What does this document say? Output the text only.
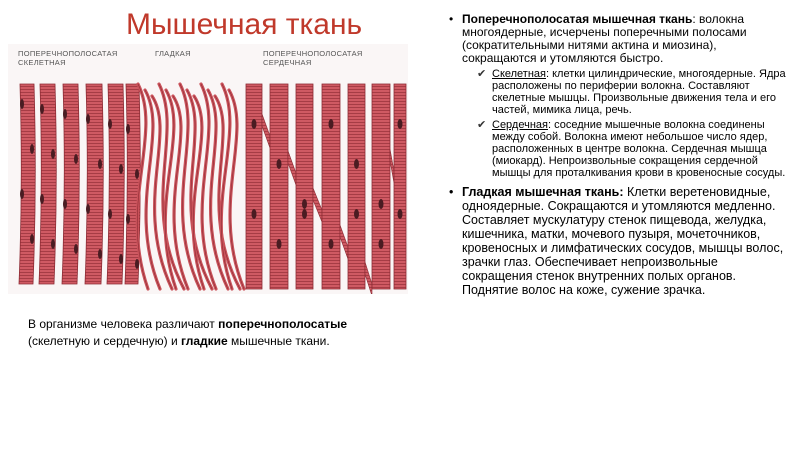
Мышечная ткань
ПОПЕРЕЧНОПОЛОСАТАЯ СКЕЛЕТНАЯ
ГЛАДКАЯ	ПОПЕРЕЧНОПОЛОСАТАЯ СЕРДЕЧНАЯ
В организме человека различают поперечнополосатые (скелетную и сердечную) и гладкие мышечные ткани.
• Поперечнополосатая мышечная ткань: волокна многоядерные, исчерчены поперечными полосами (сократительными нитями актина и миозина), сокращаются и утомляются быстро.
✔ Скелетная: клетки цилиндрические, многоядерные. Ядра расположены по периферии волокна. Составляют скелетные мышцы. Произвольные движения тела и его частей, мимика лица, речь.
✔ Сердечная: соседние мышечные волокна соединены между собой. Волокна имеют небольшое число ядер, расположенных в центре волокна. Сердечная мышца (миокард). Непроизвольные сокращения сердечной мышцы для проталкивания крови в кровеносные сосуды.
• Гладкая мышечная ткань: Клетки веретеновидные, одноядерные. Сокращаются и утомляются медленно. Составляет мускулатуру стенок пищевода, желудка, кишечника, матки, мочевого пузыря, мочеточников, кровеносных и лимфатических сосудов, мышцы волос, зрачки глаз. Обеспечивает непроизвольные сокращения стенок внутренних полых органов. Поднятие волос на коже, сужение зрачка.
